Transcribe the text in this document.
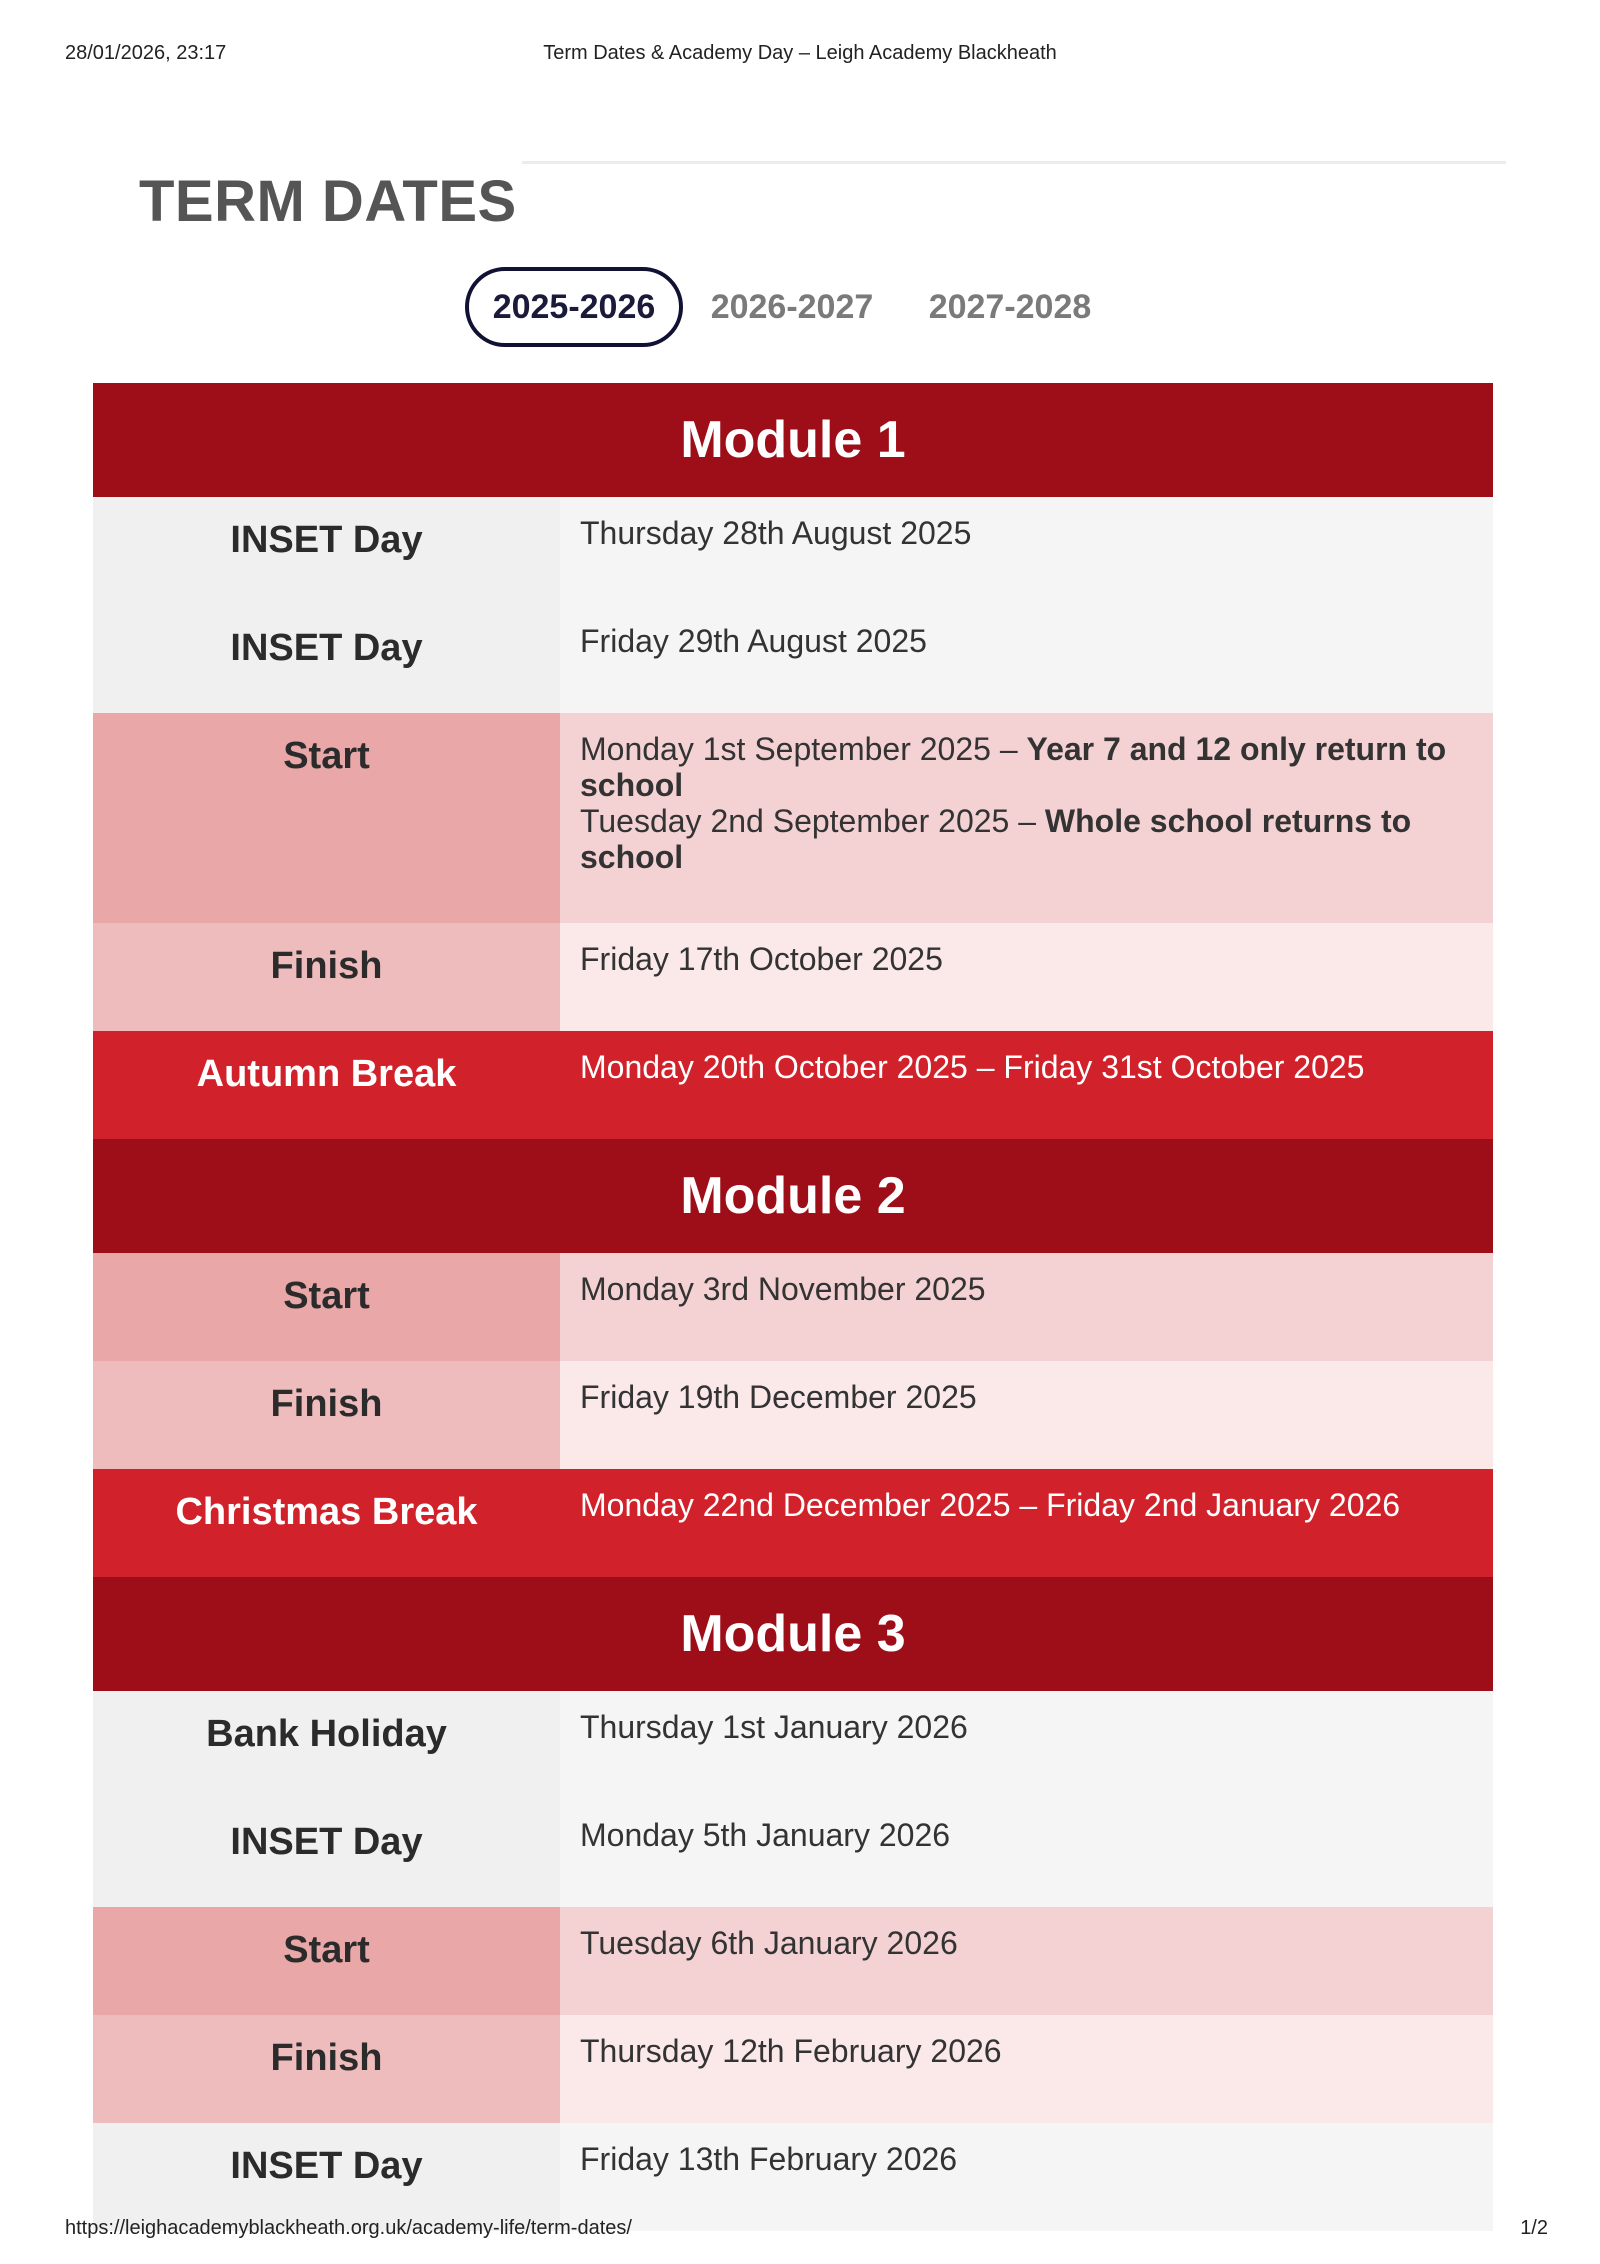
28/01/2026, 23:17	Term Dates & Academy Day – Leigh Academy Blackheath
TERM DATES
2025-2026	2026-2027	2027-2028
Module 1
INSET Day	Thursday 28th August 2025
INSET Day	Friday 29th August 2025
Start	Monday 1st September 2025 – Year 7 and 12 only return to school
Tuesday 2nd September 2025 – Whole school returns to school
Finish	Friday 17th October 2025
Autumn Break	Monday 20th October 2025 – Friday 31st October 2025
Module 2
Start	Monday 3rd November 2025
Finish	Friday 19th December 2025
Christmas Break	Monday 22nd December 2025 – Friday 2nd January 2026
Module 3
Bank Holiday	Thursday 1st January 2026
INSET Day	Monday 5th January 2026
Start	Tuesday 6th January 2026
Finish	Thursday 12th February 2026
INSET Day	Friday 13th February 2026
https://leighacademyblackheath.org.uk/academy-life/term-dates/	1/2
